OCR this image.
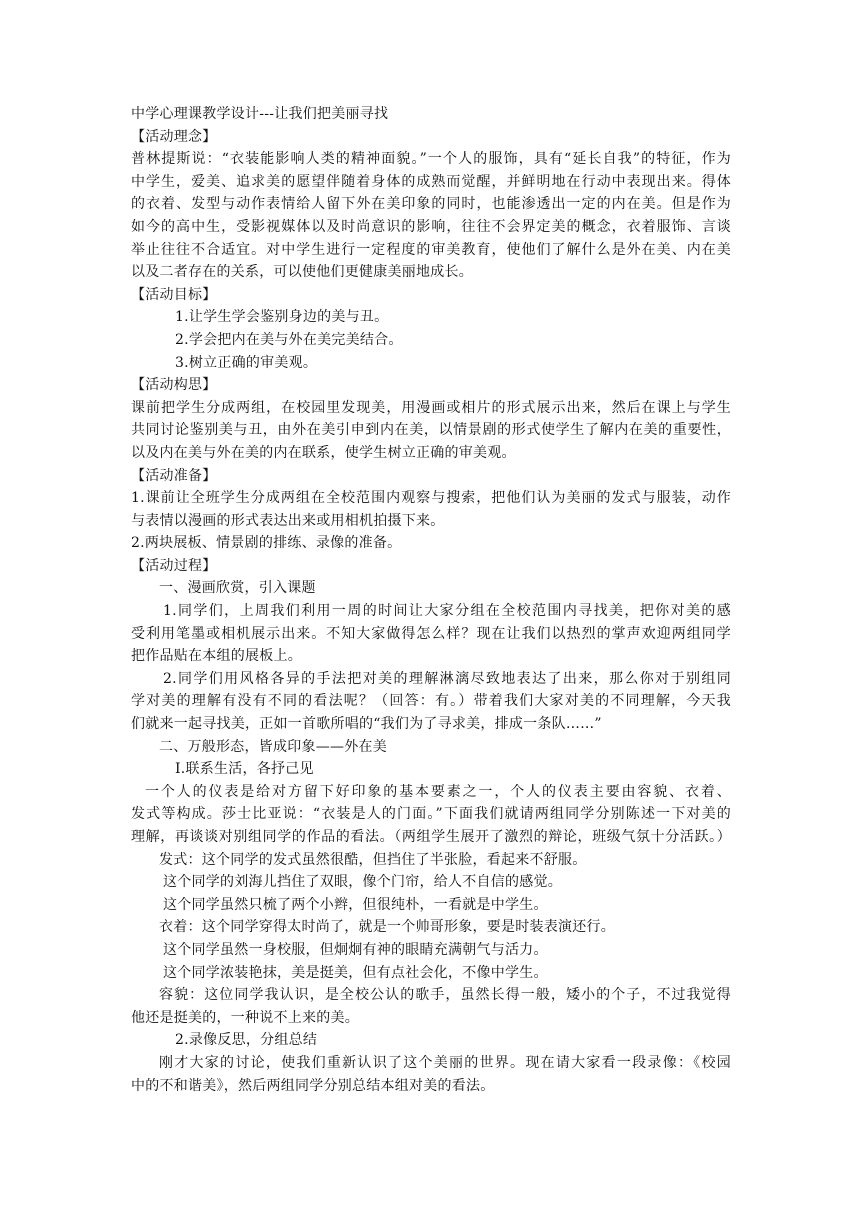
中学心理课教学设计---让我们把美丽寻找
【活动理念】
普林提斯说：“衣装能影响人类的精神面貌。”一个人的服饰，具有“延长自我”的特征，作为
中学生，爱美、追求美的愿望伴随着身体的成熟而觉醒，并鲜明地在行动中表现出来。得体
的衣着、发型与动作表情给人留下外在美印象的同时，也能渗透出一定的内在美。但是作为
如今的高中生，受影视媒体以及时尚意识的影响，往往不会界定美的概念，衣着服饰、言谈
举止往往不合适宜。对中学生进行一定程度的审美教育，使他们了解什么是外在美、内在美
以及二者存在的关系，可以使他们更健康美丽地成长。
【活动目标】
1.让学生学会鉴别身边的美与丑。
2.学会把内在美与外在美完美结合。
3.树立正确的审美观。
【活动构思】
课前把学生分成两组，在校园里发现美，用漫画或相片的形式展示出来，然后在课上与学生
共同讨论鉴别美与丑，由外在美引申到内在美，以情景剧的形式使学生了解内在美的重要性，
以及内在美与外在美的内在联系，使学生树立正确的审美观。
【活动准备】
1.课前让全班学生分成两组在全校范围内观察与搜索，把他们认为美丽的发式与服装，动作
与表情以漫画的形式表达出来或用相机拍摄下来。
2.两块展板、情景剧的排练、录像的准备。
【活动过程】
一、漫画欣赏，引入课题
1.同学们，上周我们利用一周的时间让大家分组在全校范围内寻找美，把你对美的感
受利用笔墨或相机展示出来。不知大家做得怎么样？现在让我们以热烈的掌声欢迎两组同学
把作品贴在本组的展板上。
2.同学们用风格各异的手法把对美的理解淋漓尽致地表达了出来，那么你对于别组同
学对美的理解有没有不同的看法呢？（回答：有。）带着我们大家对美的不同理解，今天我
们就来一起寻找美，正如一首歌所唱的“我们为了寻求美，排成一条队……”
二、万般形态，皆成印象——外在美
Ⅰ.联系生活，各抒己见
一个人的仪表是给对方留下好印象的基本要素之一，个人的仪表主要由容貌、衣着、
发式等构成。莎士比亚说：“衣装是人的门面。”下面我们就请两组同学分别陈述一下对美的
理解，再谈谈对别组同学的作品的看法。（两组学生展开了激烈的辩论，班级气氛十分活跃。）
发式：这个同学的发式虽然很酷，但挡住了半张脸，看起来不舒服。
这个同学的刘海儿挡住了双眼，像个门帘，给人不自信的感觉。
这个同学虽然只梳了两个小辫，但很纯朴，一看就是中学生。
衣着：这个同学穿得太时尚了，就是一个帅哥形象，要是时装表演还行。
这个同学虽然一身校服，但炯炯有神的眼睛充满朝气与活力。
这个同学浓装艳抹，美是挺美，但有点社会化，不像中学生。
容貌：这位同学我认识，是全校公认的歌手，虽然长得一般，矮小的个子，不过我觉得
他还是挺美的，一种说不上来的美。
2.录像反思，分组总结
刚才大家的讨论，使我们重新认识了这个美丽的世界。现在请大家看一段录像：《校园
中的不和谐美》，然后两组同学分别总结本组对美的看法。
